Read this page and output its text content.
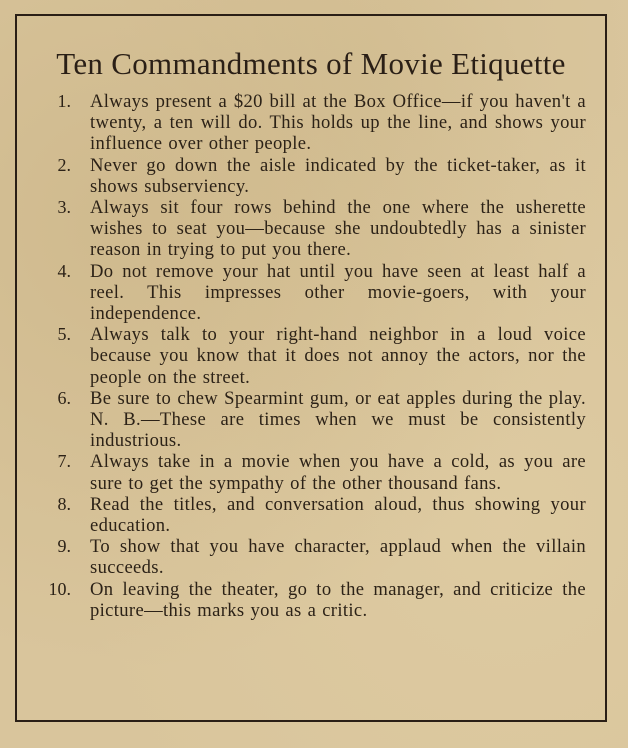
Ten Commandments of Movie Etiquette
1. Always present a $20 bill at the Box Office—if you haven't a twenty, a ten will do. This holds up the line, and shows your influence over other people.
2. Never go down the aisle indicated by the ticket-taker, as it shows subserviency.
3. Always sit four rows behind the one where the usherette wishes to seat you—because she undoubtedly has a sinister reason in trying to put you there.
4. Do not remove your hat until you have seen at least half a reel. This impresses other movie-goers, with your independence.
5. Always talk to your right-hand neighbor in a loud voice because you know that it does not annoy the actors, nor the people on the street.
6. Be sure to chew Spearmint gum, or eat apples during the play. N. B.—These are times when we must be consistently industrious.
7. Always take in a movie when you have a cold, as you are sure to get the sympathy of the other thousand fans.
8. Read the titles, and conversation aloud, thus showing your education.
9. To show that you have character, applaud when the villain succeeds.
10. On leaving the theater, go to the manager, and criticize the picture—this marks you as a critic.
